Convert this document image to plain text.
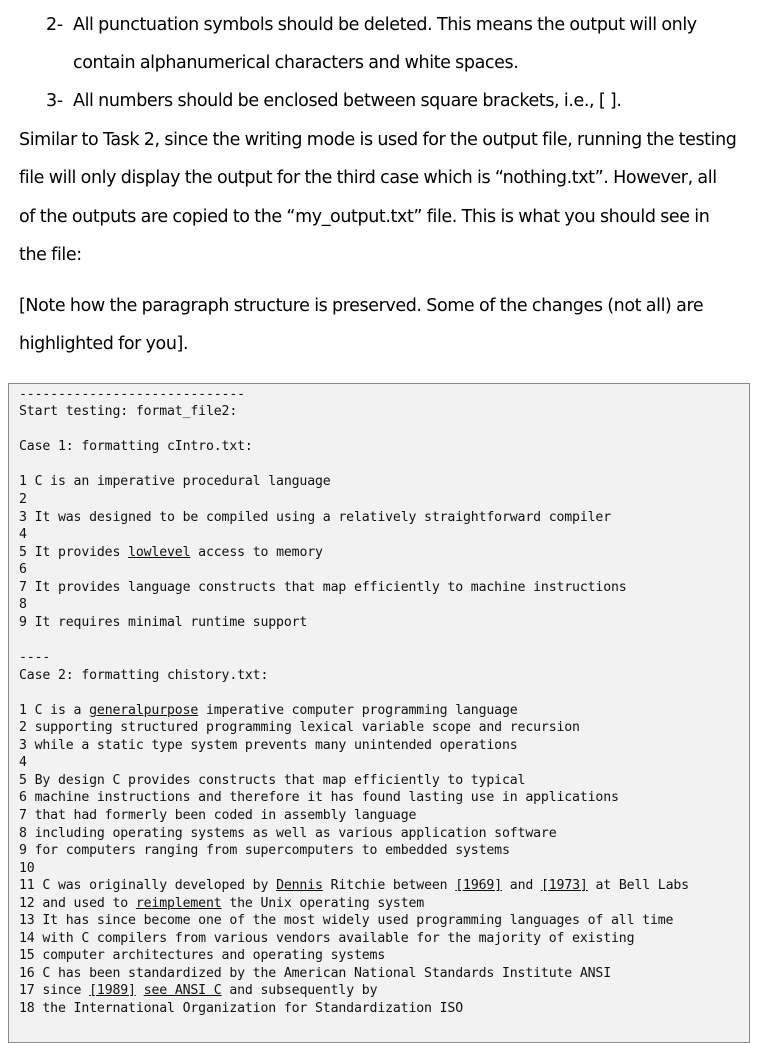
2- All punctuation symbols should be deleted. This means the output will only
contain alphanumerical characters and white spaces.
3- All numbers should be enclosed between square brackets, i.e., [ ].
Similar to Task 2, since the writing mode is used for the output file, running the testing
file will only display the output for the third case which is “nothing.txt”. However, all
of the outputs are copied to the “my_output.txt” file. This is what you should see in
the file:
[Note how the paragraph structure is preserved. Some of the changes (not all) are
highlighted for you].
-----------------------------
Start testing: format_file2:
Case 1: formatting cIntro.txt:
1 C is an imperative procedural language
2
3 It was designed to be compiled using a relatively straightforward compiler
4
5 It provides lowlevel access to memory
6
7 It provides language constructs that map efficiently to machine instructions
8
9 It requires minimal runtime support
----
Case 2: formatting chistory.txt:
1 C is a generalpurpose imperative computer programming language
2 supporting structured programming lexical variable scope and recursion
3 while a static type system prevents many unintended operations
4
5 By design C provides constructs that map efficiently to typical
6 machine instructions and therefore it has found lasting use in applications
7 that had formerly been coded in assembly language
8 including operating systems as well as various application software
9 for computers ranging from supercomputers to embedded systems
10
11 C was originally developed by Dennis Ritchie between [1969] and [1973] at Bell Labs
12 and used to reimplement the Unix operating system
13 It has since become one of the most widely used programming languages of all time
14 with C compilers from various vendors available for the majority of existing
15 computer architectures and operating systems
16 C has been standardized by the American National Standards Institute ANSI
17 since [1989] see ANSI C and subsequently by
18 the International Organization for Standardization ISO
